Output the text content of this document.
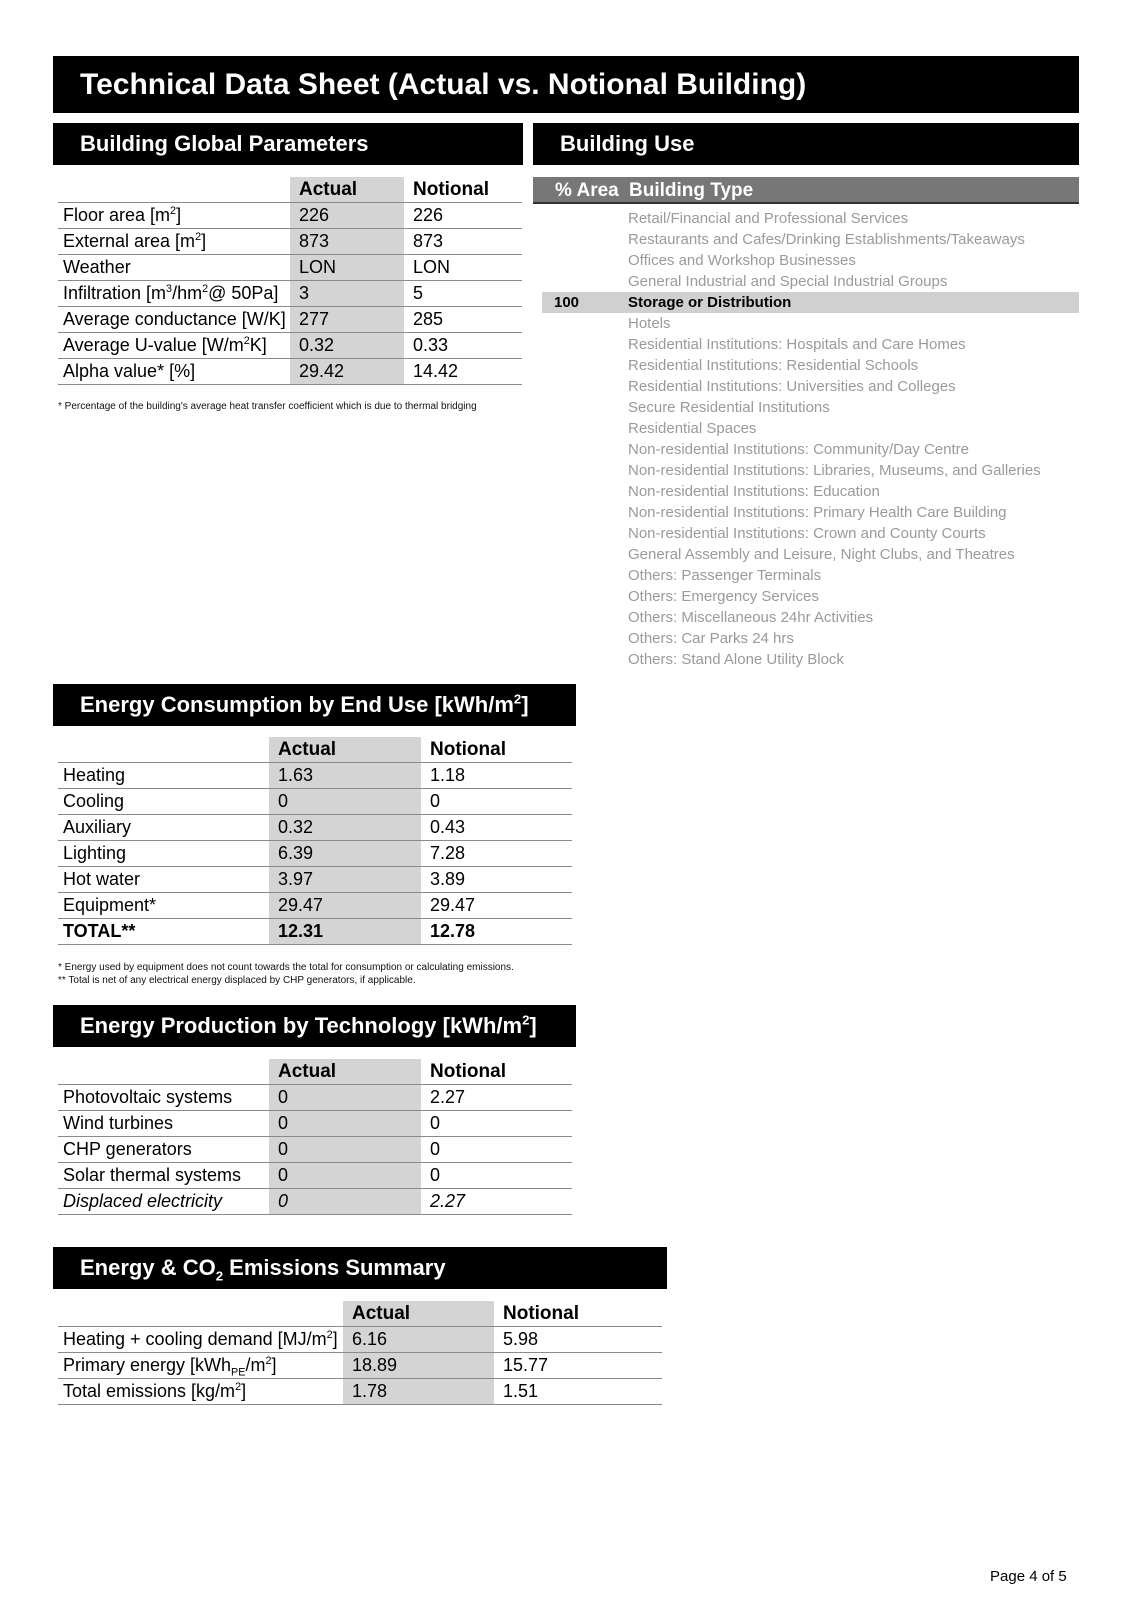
Technical Data Sheet (Actual vs. Notional Building)
Building Global Parameters
	Actual	Notional
Floor area $[m^2]$	226	226
External area $[m^2]$	873	873
Weather	LON	LON
Infiltration [$m^3/hm^2@$ 50Pa]	3	5
Average conductance [W/K]	277	285
Average U-value $[W/m^2K]$	0.32	0.33
Alpha value* [%]	29.42	14.42
* Percentage of the building's average heat transfer coefficient which is due to thermal bridging
Building Use
% Area Building Type
Retail/Financial and Professional Services
Restaurants and Cafes/Drinking Establishments/Takeaways
Offices and Workshop Businesses
General Industrial and Special Industrial Groups
100	Storage or Distribution
Hotels
Residential Institutions: Hospitals and Care Homes
Residential Institutions: Residential Schools
Residential Institutions: Universities and Colleges
Secure Residential Institutions
Residential Spaces
Non-residential Institutions: Community/Day Centre
Non-residential Institutions: Libraries, Museums, and Galleries
Non-residential Institutions: Education
Non-residential Institutions: Primary Health Care Building
Non-residential Institutions: Crown and County Courts
General Assembly and Leisure, Night Clubs, and Theatres
Others: Passenger Terminals
Others: Emergency Services
Others: Miscellaneous 24hr Activities
Others: Car Parks 24 hrs
Others: Stand Alone Utility Block
Energy Consumption by End Use $[kWh/m^2]$
	Actual	Notional
Heating	1.63	1.18
Cooling	0	0
Auxiliary	0.32	0.43
Lighting	6.39	7.28
Hot water	3.97	3.89
Equipment*	29.47	29.47
TOTAL**	12.31	12.78
* Energy used by equipment does not count towards the total for consumption or calculating emissions.
** Total is net of any electrical energy displaced by CHP generators, if applicable.
Energy Production by Technology $[kWh/m^2]$
	Actual	Notional
Photovoltaic systems	0	2.27
Wind turbines	0	0
CHP generators	0	0
Solar thermal systems	0	0
Displaced electricity	0	2.27
Energy & $CO_2$ Emissions Summary
	Actual	Notional
Heating + cooling demand $[MJ/m^2]$	6.16	5.98
Primary energy $[kWh_{PE}/m^2]$	18.89	15.77
Total emissions $[kg/m^2]$	1.78	1.51
Page 4 of 5
